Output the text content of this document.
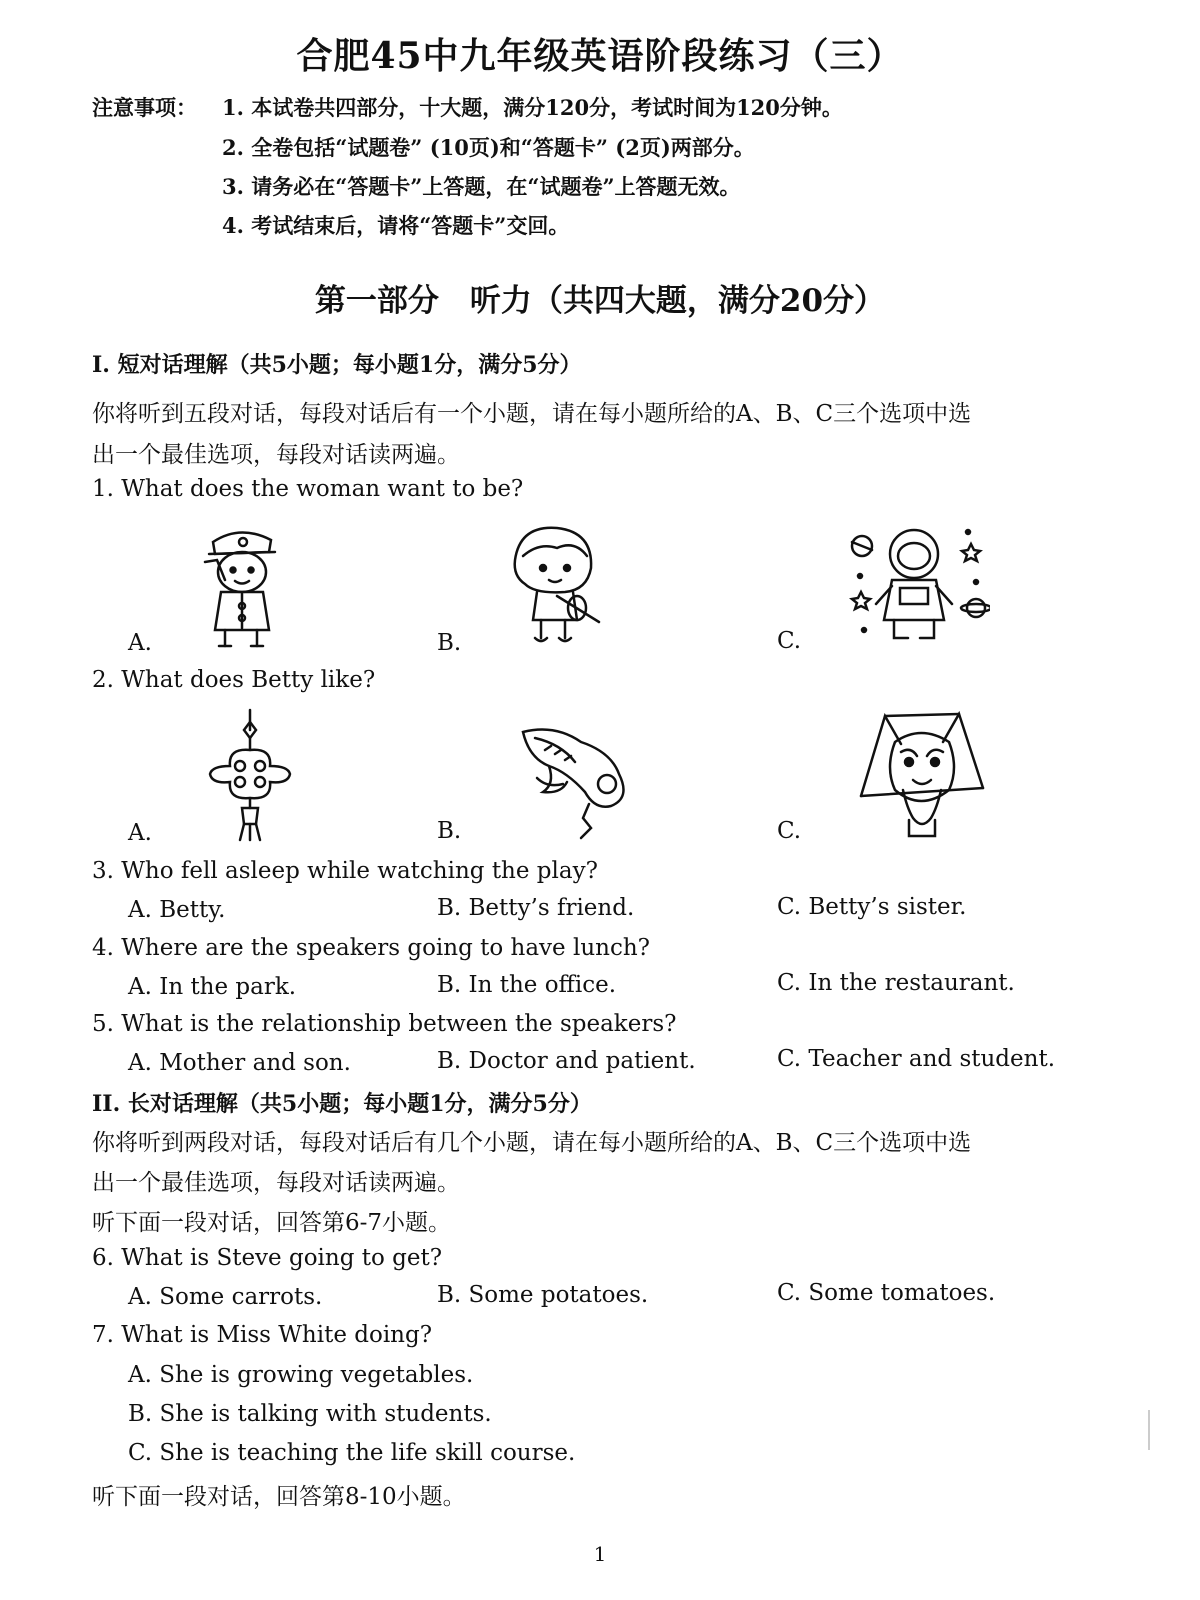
合肥45中九年级英语阶段练习（三）
注意事项： 1. 本试卷共四部分，十大题，满分120分，考试时间为120分钟。
2. 全卷包括“试题卷” (10页)和“答题卡” (2页)两部分。
3. 请务必在“答题卡”上答题，在“试题卷”上答题无效。
4. 考试结束后，请将“答题卡”交回。
第一部分　听力（共四大题，满分20分）
I. 短对话理解（共5小题；每小题1分，满分5分）
你将听到五段对话，每段对话后有一个小题，请在每小题所给的A、B、C三个选项中选
出一个最佳选项，每段对话读两遍。
1. What does the woman want to be?
A.	B.	C.
2. What does Betty like?
A.	B.	C.
3. Who fell asleep while watching the play?
A. Betty.	B. Betty’s friend.	C. Betty’s sister.
4. Where are the speakers going to have lunch?
A. In the park.	B. In the office.	C. In the restaurant.
5. What is the relationship between the speakers?
A. Mother and son.	B. Doctor and patient.	C. Teacher and student.
II. 长对话理解（共5小题；每小题1分，满分5分）
你将听到两段对话，每段对话后有几个小题，请在每小题所给的A、B、C三个选项中选
出一个最佳选项，每段对话读两遍。
听下面一段对话，回答第6-7小题。
6. What is Steve going to get?
A. Some carrots.	B. Some potatoes.	C. Some tomatoes.
7. What is Miss White doing?
A. She is growing vegetables.
B. She is talking with students.
C. She is teaching the life skill course.
听下面一段对话，回答第8-10小题。
1
